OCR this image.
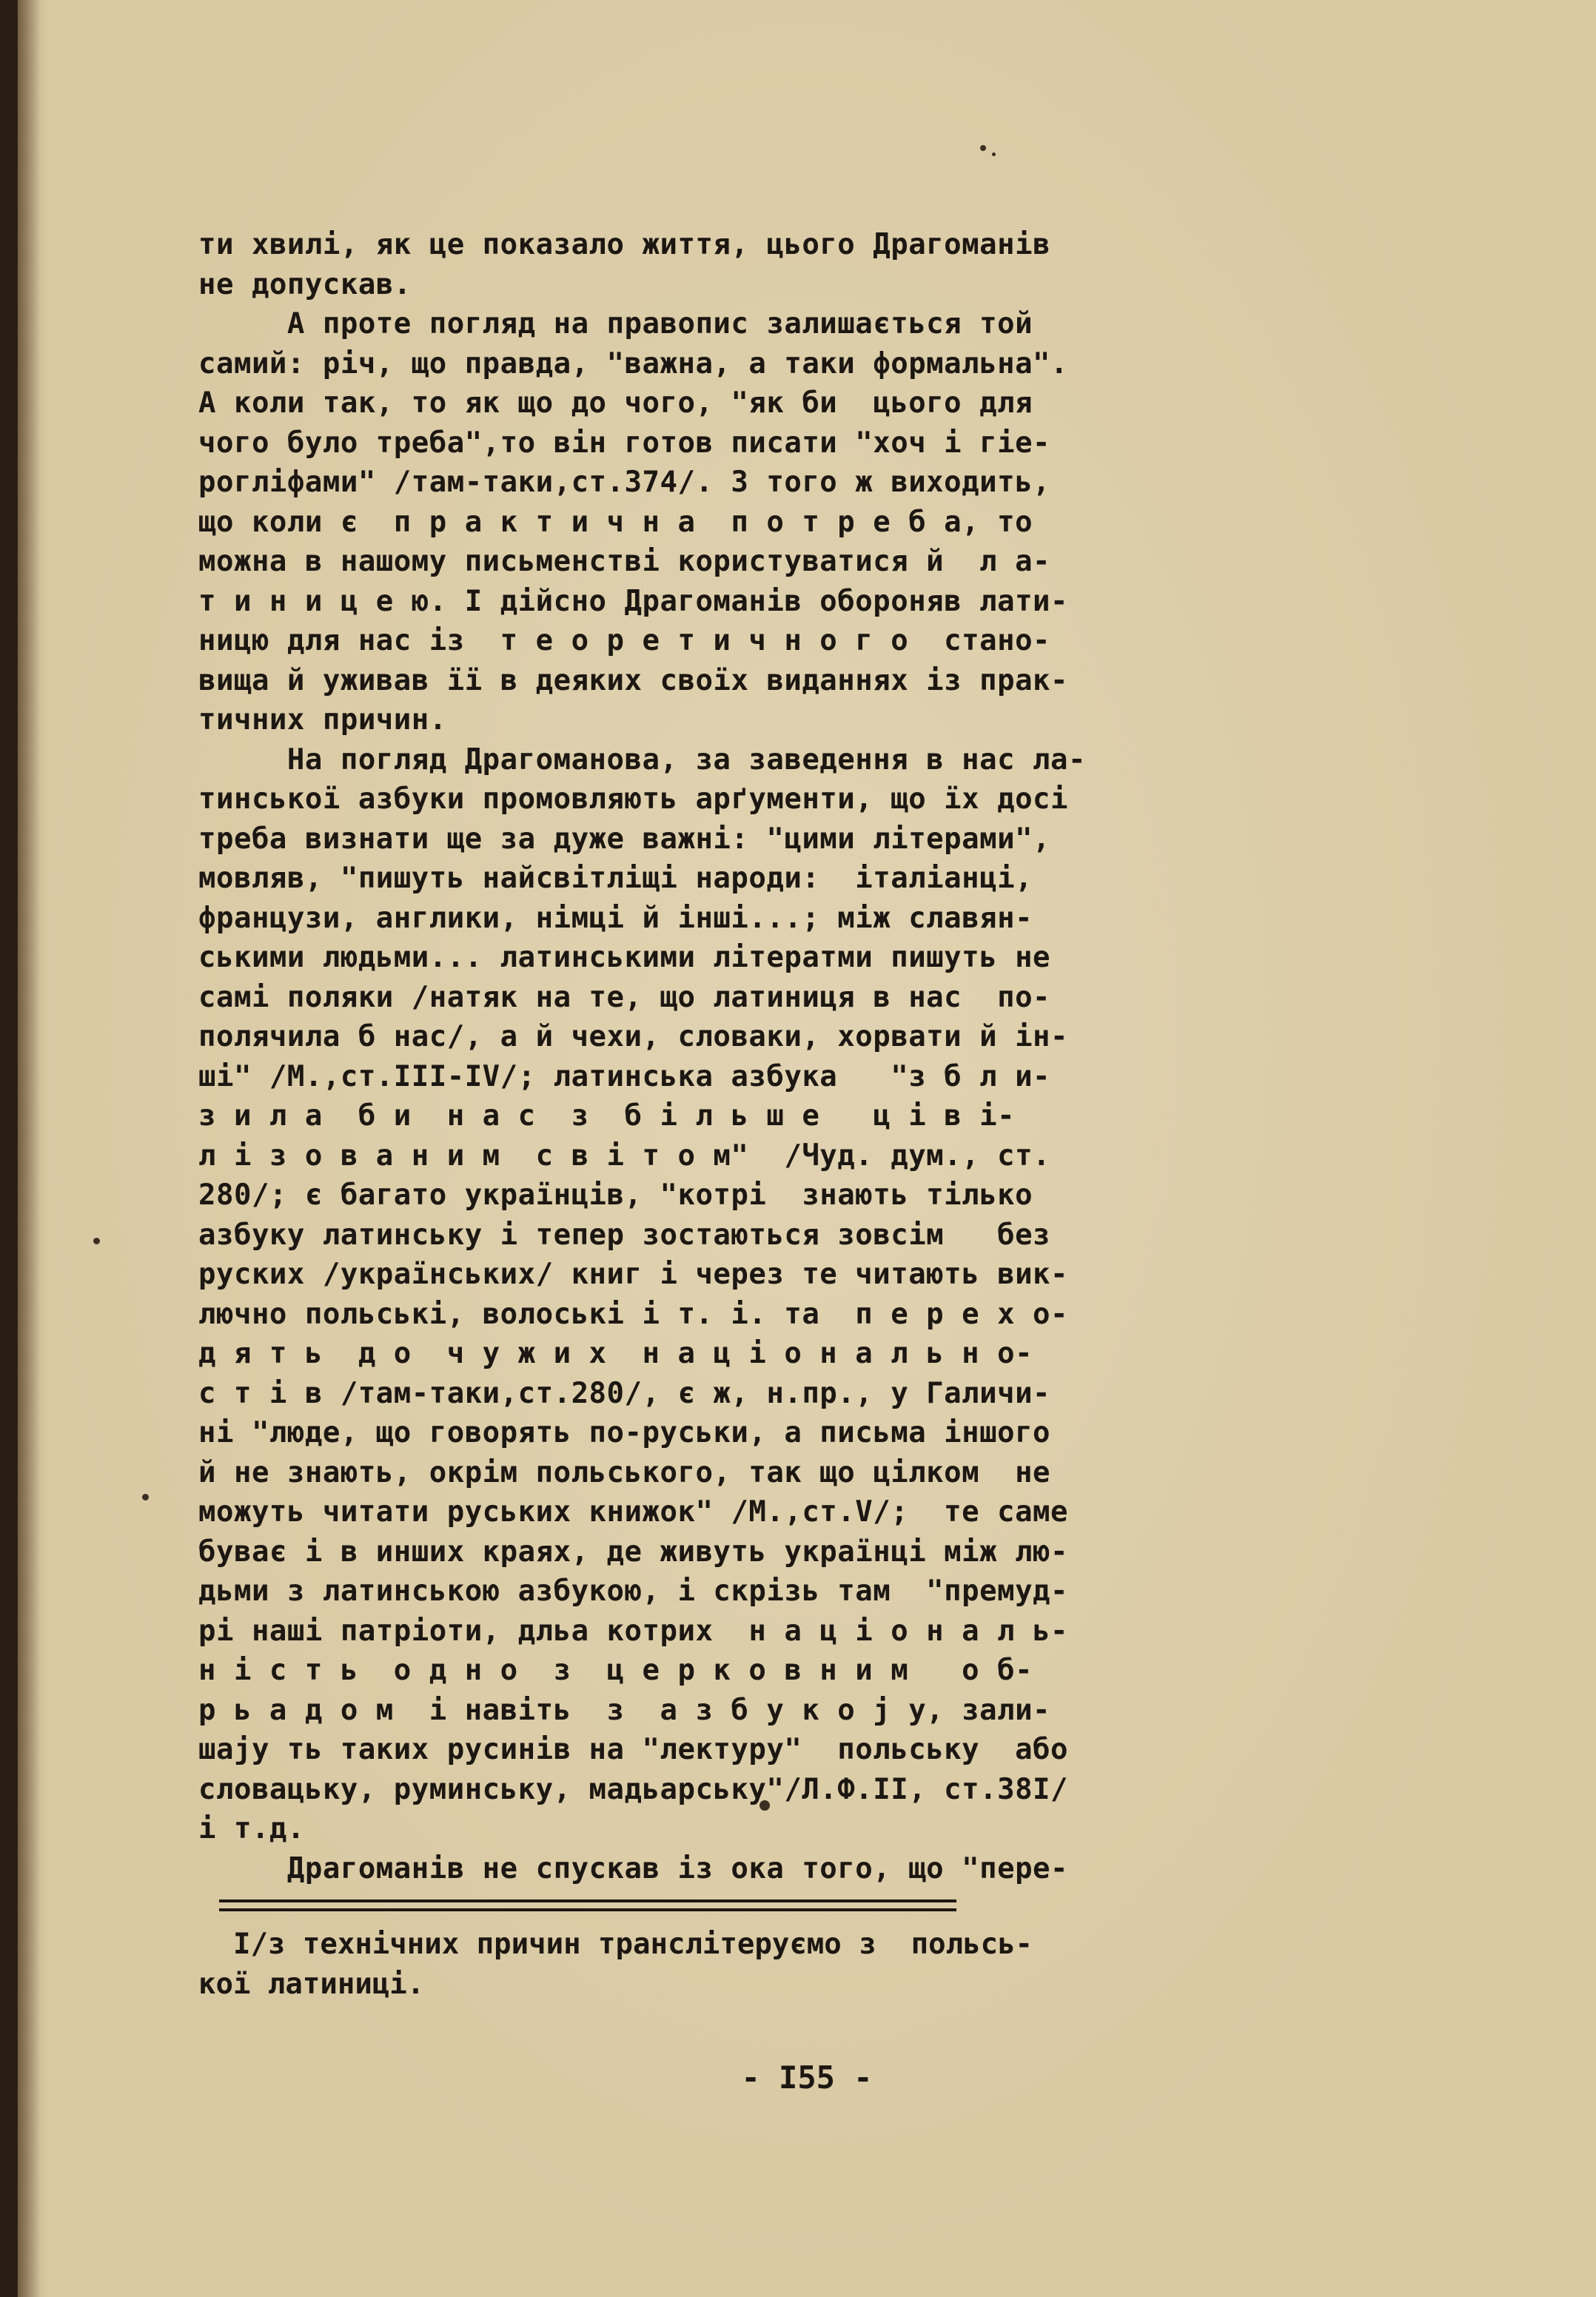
ти хвилі, як це показало життя, цього Драгоманів
не допускав.
А проте погляд на правопис залишається той
самий: річ, що правда, "важна, а таки формальна".
А коли так, то як що до чого, "як би  цього для
чого було треба",то він готов писати "хоч і гіе-
рогліфами" /там-таки,ст.374/. З того ж виходить,
що коли є  п р а к т и ч н а  п о т р е б а, то
можна в нашому письменстві користуватися й  л а-
т и н и ц е ю. І дійсно Драгоманів обороняв лати-
ницю для нас із  т е о р е т и ч н о г о  стано-
вища й уживав її в деяких своїх виданнях із прак-
тичних причин.
На погляд Драгоманова, за заведення в нас ла-
тинської азбуки промовляють арґументи, що їх досі
треба визнати ще за дуже важні: "цими літерами",
мовляв, "пишуть найсвітліщі народи:  італіанці,
французи, англики, німці й інші...; між славян-
ськими людьми... латинськими літератми пишуть не
самі поляки /натяк на те, що латиниця в нас  по-
полячила б нас/, а й чехи, словаки, хорвати й ін-
ші" /М.,ст.III-IV/; латинська азбука   "з б л и-
з и л а  б и  н а с  з  б і л ь ш е   ц і в і-
л і з о в а н и м  с в і т о м"  /Чуд. дум., ст.
280/; є багато українців, "котрі  знають тілько
азбуку латинську і тепер зостаються зовсім   без
руских /українських/ книг і через те читають вик-
лючно польські, волоські і т. і. та  п е р е х о-
д я т ь  д о  ч у ж и х  н а ц і о н а л ь н о-
с т і в /там-таки,ст.280/, є ж, н.пр., у Галичи-
ні "люде, що говорять по-руськи, а письма іншого
й не знають, окрім польського, так що цілком  не
можуть читати руських книжок" /М.,ст.V/;  те саме
буває і в инших краях, де живуть українці між лю-
дьми з латинською азбукою, і скрізь там  "премуд-
рі наші патріоти, дльа котрих  н а ц і о н а л ь-
н і с т ь  о д н о  з  ц е р к о в н и м   о б-
р ь а д о м  і навіть  з  а з б у к о ј у, зали-
шају ть таких русинів на "лектуру"  польську  або
словацьку, руминську, мадьарську"/Л.Ф.II, ст.38I/
і т.д.
Драгоманів не спускав із ока того, що "пере-
I/з технічних причин транслітеруємо з  польсь-
кої латиниці.
- I55 -
